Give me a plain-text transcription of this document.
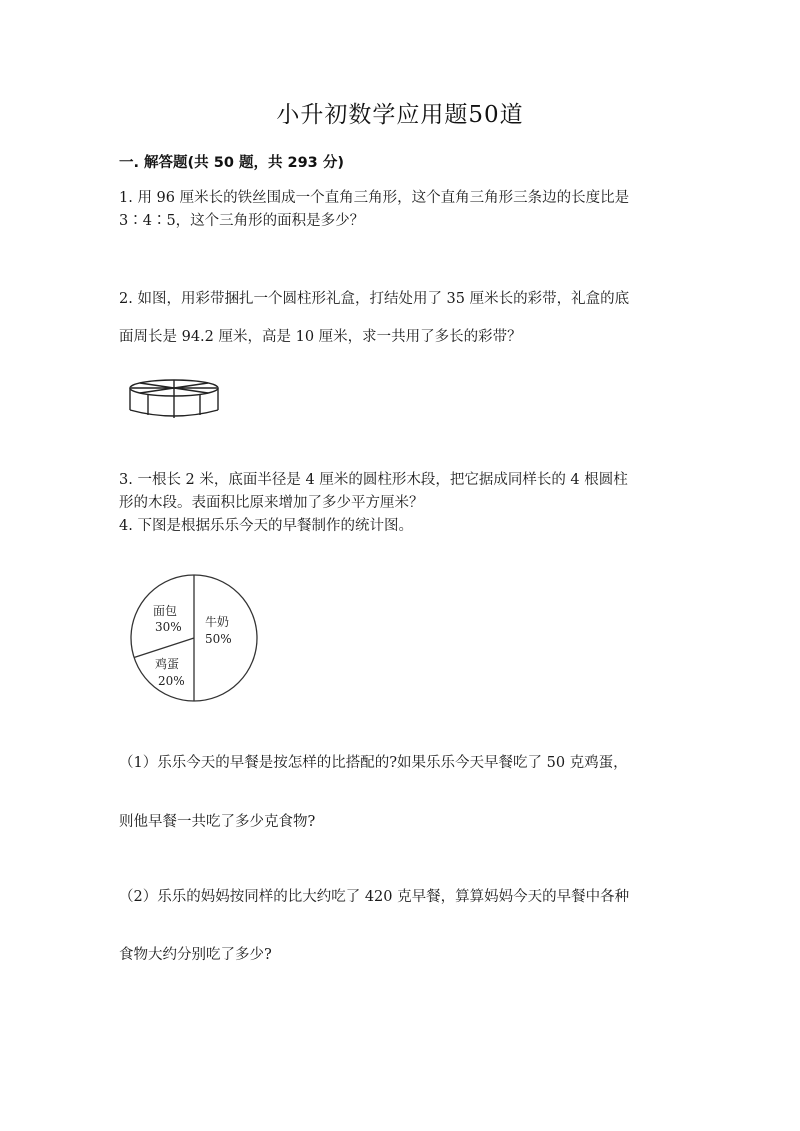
小升初数学应用题50道
一. 解答题(共 50 题，共 293 分)
1. 用 96 厘米长的铁丝围成一个直角三角形，这个直角三角形三条边的长度比是
3∶4∶5，这个三角形的面积是多少？
2. 如图，用彩带捆扎一个圆柱形礼盒，打结处用了 35 厘米长的彩带，礼盒的底
面周长是 94.2 厘米，高是 10 厘米，求一共用了多长的彩带？
3. 一根长 2 米，底面半径是 4 厘米的圆柱形木段，把它据成同样长的 4 根圆柱
形的木段。表面积比原来增加了多少平方厘米？
4. 下图是根据乐乐今天的早餐制作的统计图。
面包
30% 牛奶
50%
鸡蛋
20%
（1）乐乐今天的早餐是按怎样的比搭配的?如果乐乐今天早餐吃了 50 克鸡蛋，
则他早餐一共吃了多少克食物?
（2）乐乐的妈妈按同样的比大约吃了 420 克早餐，算算妈妈今天的早餐中各种
食物大约分别吃了多少?
